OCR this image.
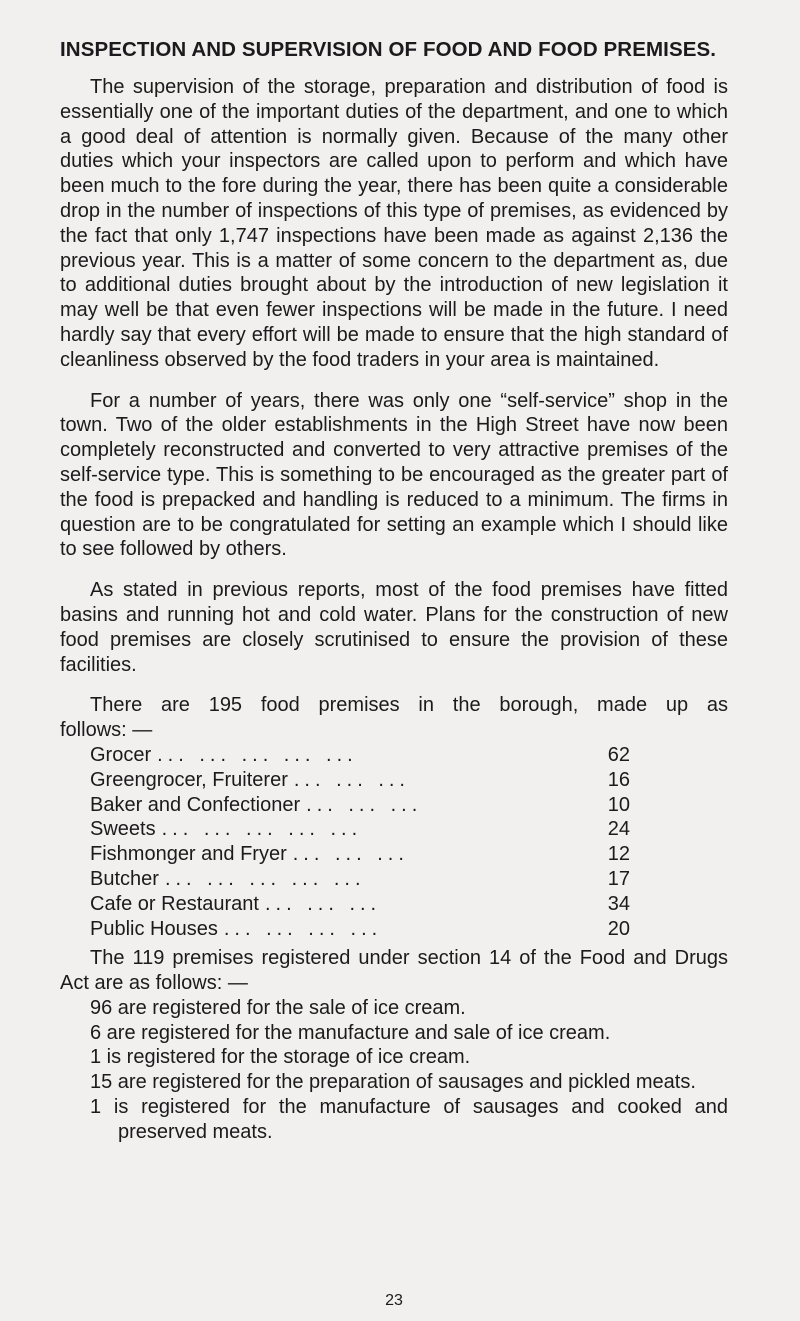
INSPECTION AND SUPERVISION OF FOOD AND FOOD PREMISES.

The supervision of the storage, preparation and distribution of food is essentially one of the important duties of the department, and one to which a good deal of attention is normally given. Because of the many other duties which your inspectors are called upon to perform and which have been much to the fore during the year, there has been quite a considerable drop in the number of inspections of this type of premises, as evidenced by the fact that only 1,747 inspections have been made as against 2,136 the previous year. This is a matter of some concern to the department as, due to additional duties brought about by the introduction of new legislation it may well be that even fewer inspections will be made in the future. I need hardly say that every effort will be made to ensure that the high standard of cleanliness observed by the food traders in your area is maintained.

For a number of years, there was only one “self-service” shop in the town. Two of the older establishments in the High Street have now been completely reconstructed and converted to very attractive premises of the self-service type. This is something to be encouraged as the greater part of the food is prepacked and handling is reduced to a minimum. The firms in question are to be congratulated for setting an example which I should like to see followed by others.

As stated in previous reports, most of the food premises have fitted basins and running hot and cold water. Plans for the construction of new food premises are closely scrutinised to ensure the provision of these facilities.

There are 195 food premises in the borough, made up as

follows: —

Grocer ... ... ... ... ...	62
Greengrocer, Fruiterer ... ... ...	16
Baker and Confectioner ... ... ...	10
Sweets ... ... ... ... ...	24
Fishmonger and Fryer ... ... ...	12
Butcher ... ... ... ... ...	17
Cafe or Restaurant ... ... ...	34
Public Houses ... ... ... ...	20

The 119 premises registered under section 14 of the Food and Drugs Act are as follows: —

96 are registered for the sale of ice cream.
6 are registered for the manufacture and sale of ice cream.
1 is registered for the storage of ice cream.
15 are registered for the preparation of sausages and pickled meats.
1 is registered for the manufacture of sausages and cooked and preserved meats.
23
